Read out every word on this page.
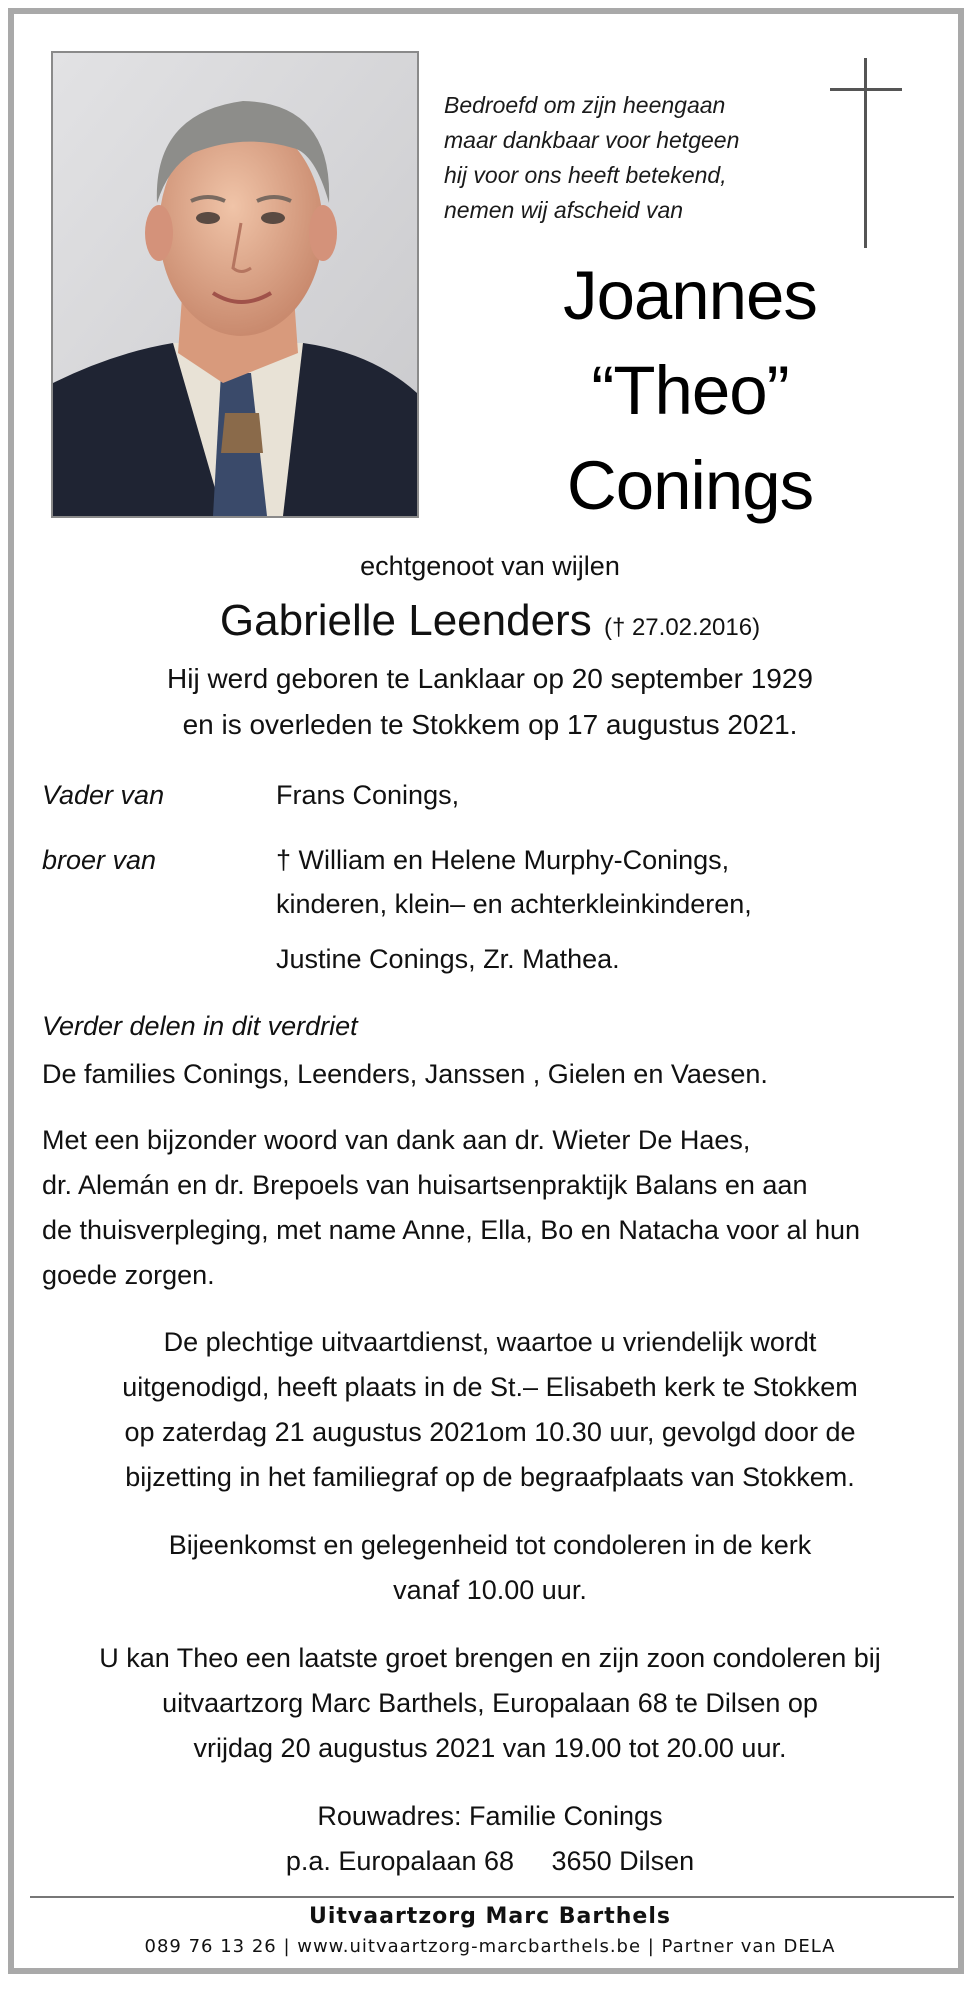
Bedroefd om zijn heengaan
maar dankbaar voor hetgeen
hij voor ons heeft betekend,
nemen wij afscheid van
Joannes
“Theo”
Conings
echtgenoot van wijlen
Gabrielle Leenders († 27.02.2016)
Hij werd geboren te Lanklaar op 20 september 1929
en is overleden te Stokkem op 17 augustus 2021.
Vader van	Frans Conings,
broer van	† William en Helene Murphy-Conings,
kinderen, klein– en achterkleinkinderen,
Justine Conings, Zr. Mathea.
Verder delen in dit verdriet
De families Conings, Leenders, Janssen , Gielen en Vaesen.
Met een bijzonder woord van dank aan dr. Wieter De Haes,
dr. Alemán en dr. Brepoels van huisartsenpraktijk Balans en aan
de thuisverpleging, met name Anne, Ella, Bo en Natacha voor al hun
goede zorgen.
De plechtige uitvaartdienst, waartoe u vriendelijk wordt
uitgenodigd, heeft plaats in de St.– Elisabeth kerk te Stokkem
op zaterdag 21 augustus 2021om 10.30 uur, gevolgd door de
bijzetting in het familiegraf op de begraafplaats van Stokkem.
Bijeenkomst en gelegenheid tot condoleren in de kerk
vanaf 10.00 uur.
U kan Theo een laatste groet brengen en zijn zoon condoleren bij
uitvaartzorg Marc Barthels, Europalaan 68 te Dilsen op
vrijdag 20 augustus 2021 van 19.00 tot 20.00 uur.
Rouwadres: Familie Conings
p.a. Europalaan 68     3650 Dilsen
Uitvaartzorg Marc Barthels
089 76 13 26 | www.uitvaartzorg-marcbarthels.be | Partner van DELA
